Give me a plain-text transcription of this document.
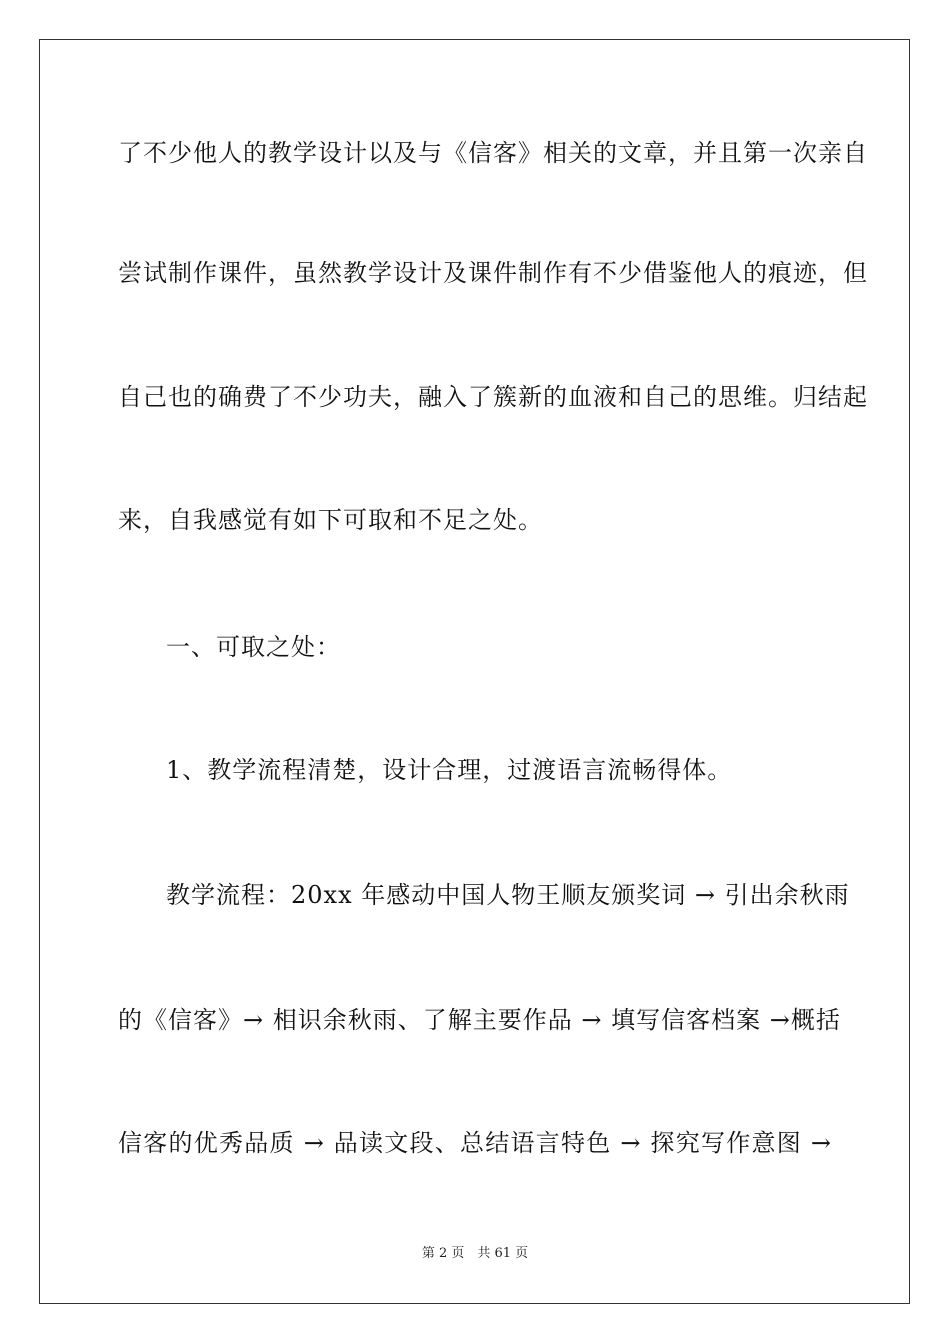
了不少他人的教学设计以及与《信客》相关的文章，并且第一次亲自
尝试制作课件，虽然教学设计及课件制作有不少借鉴他人的痕迹，但
自己也的确费了不少功夫，融入了簇新的血液和自己的思维。归结起
来，自我感觉有如下可取和不足之处。
一、可取之处：
1、教学流程清楚，设计合理，过渡语言流畅得体。
教学流程：20xx 年感动中国人物王顺友颁奖词 → 引出余秋雨
的《信客》→ 相识余秋雨、了解主要作品 → 填写信客档案 →概括
信客的优秀品质 → 品读文段、总结语言特色 → 探究写作意图 →
第 2 页　共 61 页
